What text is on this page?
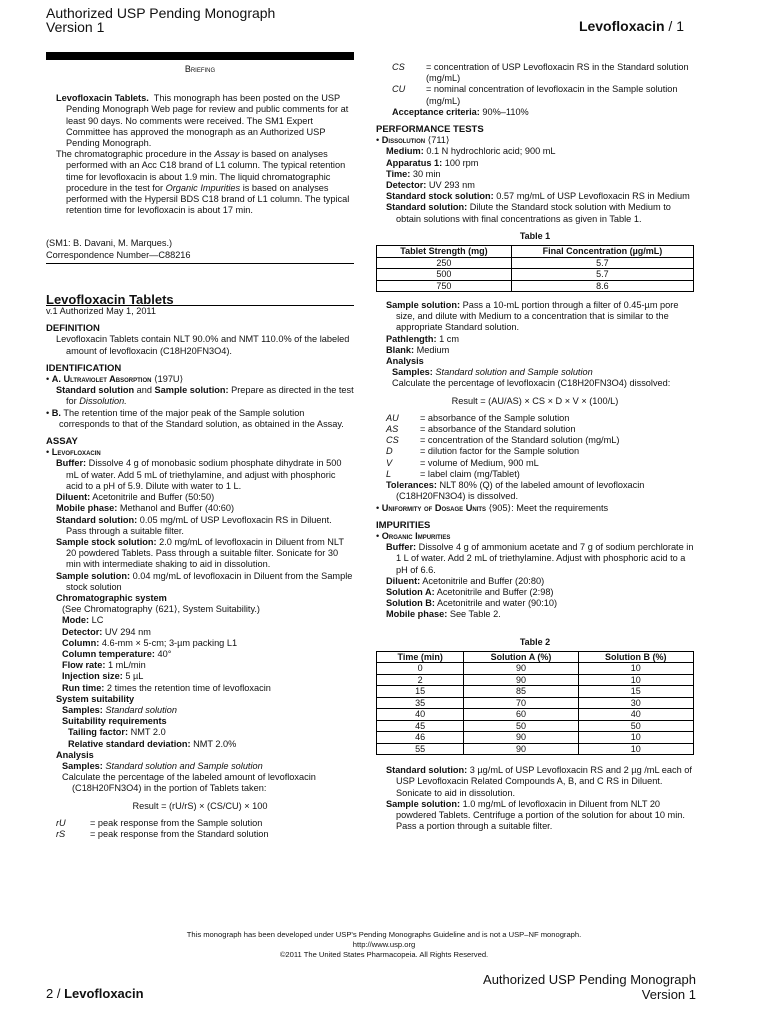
Authorized USP Pending Monograph
Version 1	Levofloxacin / 1
Briefing

Levofloxacin Tablets. This monograph has been posted on the USP Pending Monograph Web page for review and public comments for at least 90 days. No comments were received. The SM1 Expert Committee has approved the monograph as an Authorized USP Pending Monograph.

The chromatographic procedure in the Assay is based on analyses performed with an Acc C18 brand of L1 column. The typical retention time for levofloxacin is about 1.9 min. The liquid chromatographic procedure in the test for Organic Impurities is based on analyses performed with the Hypersil BDS C18 brand of L1 column. The typical retention time for levofloxacin is about 17 min.

(SM1: B. Davani, M. Marques.)

Correspondence Number—C88216

Levofloxacin Tablets

v.1 Authorized May 1, 2011

DEFINITION

Levofloxacin Tablets contain NLT 90.0% and NMT 110.0% of the labeled amount of levofloxacin (C18H20FN3O4).

IDENTIFICATION

• A. Ultraviolet Absorption ⟨197U⟩

Standard solution and Sample solution: Prepare as directed in the test for Dissolution.

• B. The retention time of the major peak of the Sample solution corresponds to that of the Standard solution, as obtained in the Assay.

ASSAY

• Levofloxacin

Buffer: Dissolve 4 g of monobasic sodium phosphate dihydrate in 500 mL of water. Add 5 mL of triethylamine, and adjust with phosphoric acid to a pH of 5.9. Dilute with water to 1 L.

Diluent: Acetonitrile and Buffer (50:50)

Mobile phase: Methanol and Buffer (40:60)

Standard solution: 0.05 mg/mL of USP Levofloxacin RS in Diluent. Pass through a suitable filter.

Sample stock solution: 2.0 mg/mL of levofloxacin in Diluent from NLT 20 powdered Tablets. Pass through a suitable filter. Sonicate for 30 min with intermediate shaking to aid in dissolution.

Sample solution: 0.04 mg/mL of levofloxacin in Diluent from the Sample stock solution

Chromatographic system

(See Chromatography ⟨621⟩, System Suitability.)

Mode: LC

Detector: UV 294 nm

Column: 4.6-mm × 5-cm; 3-µm packing L1

Column temperature: 40°

Flow rate: 1 mL/min

Injection size: 5 µL

Run time: 2 times the retention time of levofloxacin

System suitability

Samples: Standard solution

Suitability requirements

Tailing factor: NMT 2.0

Relative standard deviation: NMT 2.0%

Analysis

Samples: Standard solution and Sample solution

Calculate the percentage of the labeled amount of levofloxacin (C18H20FN3O4) in the portion of Tablets taken:

Result = (rU/rS) × (CS/CU) × 100

rU	= peak response from the Sample solution
rS	= peak response from the Standard solution
CS	= concentration of USP Levofloxacin RS in the Standard solution (mg/mL)
CU	= nominal concentration of levofloxacin in the Sample solution (mg/mL)

Acceptance criteria: 90%–110%

PERFORMANCE TESTS

• Dissolution ⟨711⟩

Medium: 0.1 N hydrochloric acid; 900 mL

Apparatus 1: 100 rpm

Time: 30 min

Detector: UV 293 nm

Standard stock solution: 0.57 mg/mL of USP Levofloxacin RS in Medium

Standard solution: Dilute the Standard stock solution with Medium to obtain solutions with final concentrations as given in Table 1.

Table 1
Tablet Strength (mg)	Final Concentration (µg/mL)
250	5.7
500	5.7
750	8.6

Sample solution: Pass a 10-mL portion through a filter of 0.45-µm pore size, and dilute with Medium to a concentration that is similar to the appropriate Standard solution.

Pathlength: 1 cm

Blank: Medium

Analysis

Samples: Standard solution and Sample solution

Calculate the percentage of levofloxacin (C18H20FN3O4) dissolved:

Result = (AU/AS) × CS × D × V × (100/L)

AU	= absorbance of the Sample solution
AS	= absorbance of the Standard solution
CS	= concentration of the Standard solution (mg/mL)
D	= dilution factor for the Sample solution
V	= volume of Medium, 900 mL
L	= label claim (mg/Tablet)

Tolerances: NLT 80% (Q) of the labeled amount of levofloxacin (C18H20FN3O4) is dissolved.

• Uniformity of Dosage Units ⟨905⟩: Meet the requirements

IMPURITIES

• Organic Impurities

Buffer: Dissolve 4 g of ammonium acetate and 7 g of sodium perchlorate in 1 L of water. Add 2 mL of triethylamine. Adjust with phosphoric acid to a pH of 6.6.

Diluent: Acetonitrile and Buffer (20:80)

Solution A: Acetonitrile and Buffer (2:98)

Solution B: Acetonitrile and water (90:10)

Mobile phase: See Table 2.

Table 2
Time (min)	Solution A (%)	Solution B (%)
0	90	10
2	90	10
15	85	15
35	70	30
40	60	40
45	50	50
46	90	10
55	90	10

Standard solution: 3 µg/mL of USP Levofloxacin RS and 2 µg /mL each of USP Levofloxacin Related Compounds A, B, and C RS in Diluent. Sonicate to aid in dissolution.

Sample solution: 1.0 mg/mL of levofloxacin in Diluent from NLT 20 powdered Tablets. Centrifuge a portion of the solution for about 10 min. Pass a portion through a suitable filter.

This monograph has been developed under USP's Pending Monographs Guideline and is not a USP–NF monograph.
http://www.usp.org
©2011 The United States Pharmacopeia. All Rights Reserved.
2 / Levofloxacin
Authorized USP Pending Monograph
Version 1
